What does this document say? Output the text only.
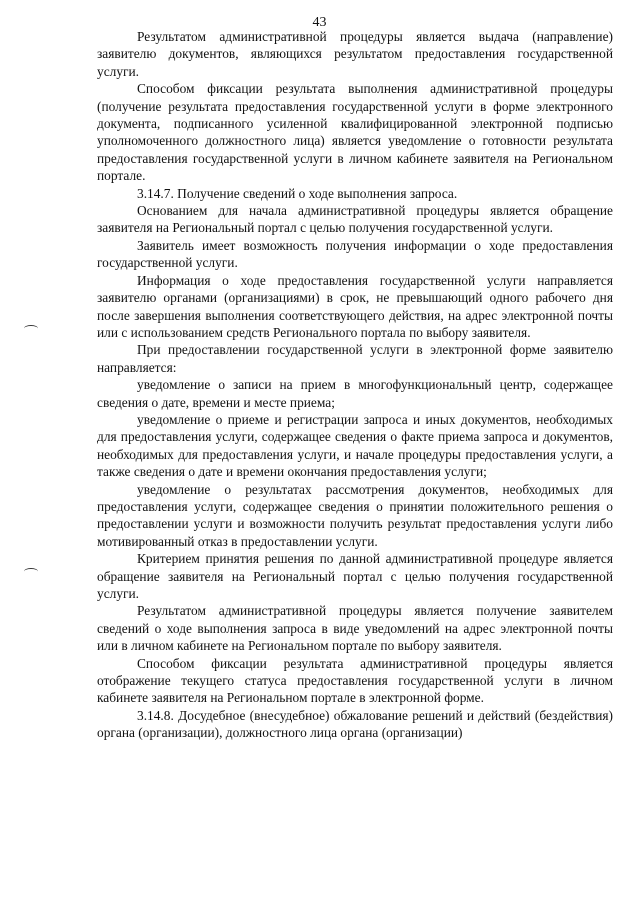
43

Результатом административной процедуры является выдача (направление) заявителю документов, являющихся результатом предоставления государственной услуги.

Способом фиксации результата выполнения административной процедуры (получение результата предоставления государственной услуги в форме электронного документа, подписанного усиленной квалифицированной электронной подписью уполномоченного должностного лица) является уведомление о готовности результата предоставления государственной услуги в личном кабинете заявителя на Региональном портале.

3.14.7. Получение сведений о ходе выполнения запроса.

Основанием для начала административной процедуры является обращение заявителя на Региональный портал с целью получения государственной услуги.

Заявитель имеет возможность получения информации о ходе предоставления государственной услуги.

Информация о ходе предоставления государственной услуги направляется заявителю органами (организациями) в срок, не превышающий одного рабочего дня после завершения выполнения соответствующего действия, на адрес электронной почты или с использованием средств Регионального портала по выбору заявителя.

При предоставлении государственной услуги в электронной форме заявителю направляется:

уведомление о записи на прием в многофункциональный центр, содержащее сведения о дате, времени и месте приема;

уведомление о приеме и регистрации запроса и иных документов, необходимых для предоставления услуги, содержащее сведения о факте приема запроса и документов, необходимых для предоставления услуги, и начале процедуры предоставления услуги, а также сведения о дате и времени окончания предоставления услуги;

уведомление о результатах рассмотрения документов, необходимых для предоставления услуги, содержащее сведения о принятии положительного решения о предоставлении услуги и возможности получить результат предоставления услуги либо мотивированный отказ в предоставлении услуги.

Критерием принятия решения по данной административной процедуре является обращение заявителя на Региональный портал с целью получения государственной услуги.

Результатом административной процедуры является получение заявителем сведений о ходе выполнения запроса в виде уведомлений на адрес электронной почты или в личном кабинете на Региональном портале по выбору заявителя.

Способом фиксации результата административной процедуры является отображение текущего статуса предоставления государственной услуги в личном кабинете заявителя на Региональном портале в электронной форме.

3.14.8. Досудебное (внесудебное) обжалование решений и действий (бездействия) органа (организации), должностного лица органа (организации)
